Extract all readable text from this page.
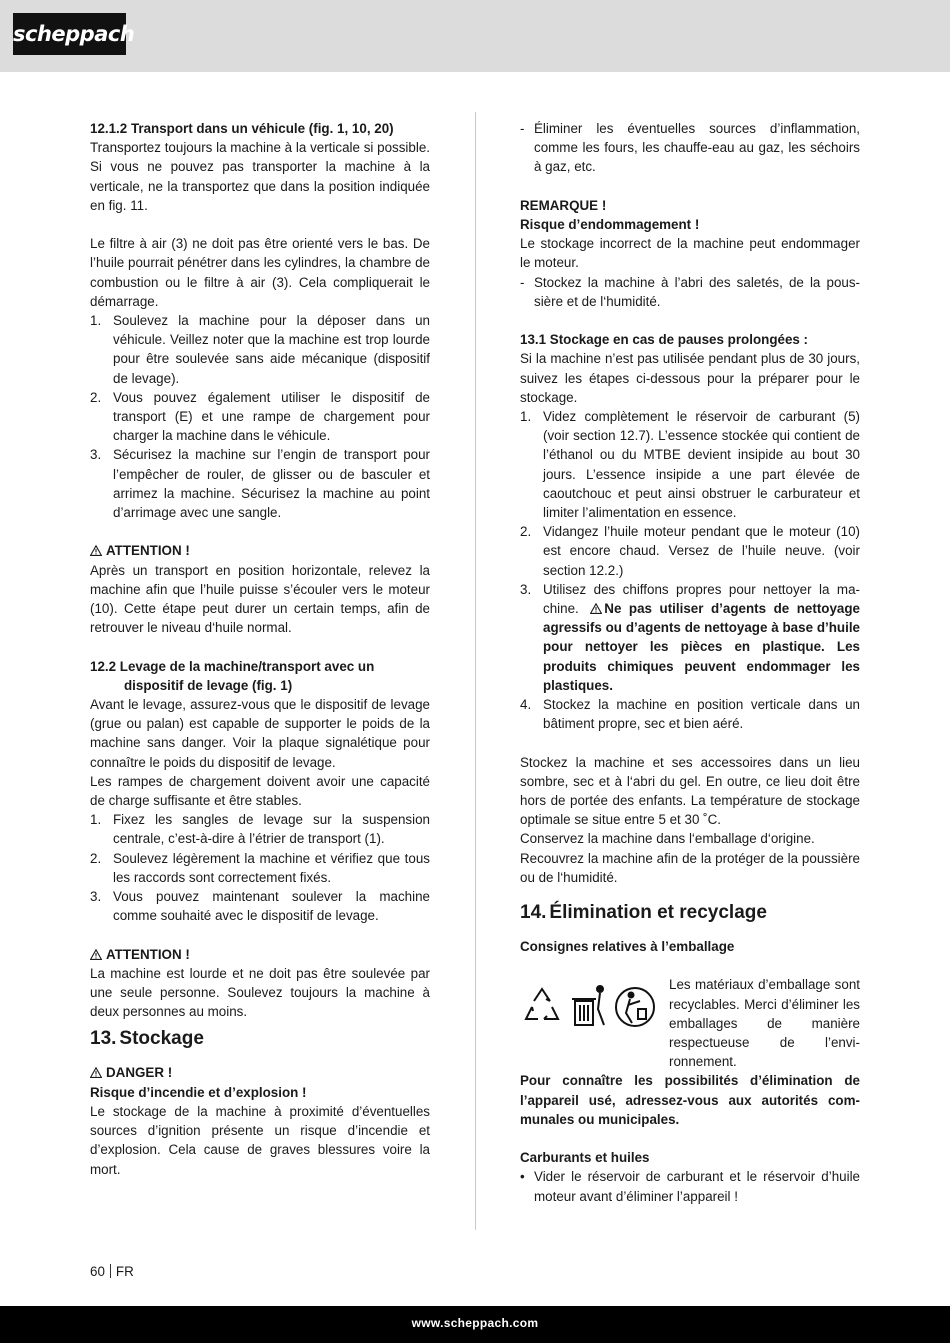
scheppach

12.1.2 Transport dans un véhicule (fig. 1, 10, 20)

Transportez toujours la machine à la verticale si possible. Si vous ne pouvez pas transporter la machine à la verticale, ne la transportez que dans la position indiquée en fig. 11.

Le filtre à air (3) ne doit pas être orienté vers le bas. De l’huile pourrait pénétrer dans les cylindres, la chambre de combustion ou le filtre à air (3). Cela compliquerait le démarrage.

1. Soulevez la machine pour la déposer dans un véhicule. Veillez noter que la machine est trop lourde pour être soulevée sans aide mécanique (dispositif de levage).
2. Vous pouvez également utiliser le dispositif de transport (E) et une rampe de chargement pour charger la machine dans le véhicule.
3. Sécurisez la machine sur l’engin de transport pour l’empêcher de rouler, de glisser ou de basculer et arrimez la machine. Sécurisez la machine au point d’arrimage avec une sangle.

ATTENTION !

Après un transport en position horizontale, relevez la machine afin que l’huile puisse s’écouler vers le moteur (10). Cette étape peut durer un certain temps, afin de retrouver le niveau d‘huile normal.

12.2 Levage de la machine/transport avec un

dispositif de levage (fig. 1)

Avant le levage, assurez-vous que le dispositif de levage (grue ou palan) est capable de supporter le poids de la machine sans danger. Voir la plaque signalétique pour connaître le poids du dispositif de levage.

Les rampes de chargement doivent avoir une capacité de charge suffisante et être stables.

1. Fixez les sangles de levage sur la suspension centrale, c’est-à-dire à l’étrier de transport (1).
2. Soulevez légèrement la machine et vérifiez que tous les raccords sont correctement fixés.
3. Vous pouvez maintenant soulever la machine comme souhaité avec le dispositif de levage.

ATTENTION !

La machine est lourde et ne doit pas être soulevée par une seule personne. Soulevez toujours la machine à deux personnes au moins.

13. Stockage

DANGER !

Risque d’incendie et d’explosion !

Le stockage de la machine à proximité d’éventuelles sources d’ignition présente un risque d’incendie et d’explosion. Cela cause de graves blessures voire la mort.

- Éliminer les éventuelles sources d’inflammation, comme les fours, les chauffe-eau au gaz, les séchoirs à gaz, etc.

REMARQUE !

Risque d’endommagement !

Le stockage incorrect de la machine peut endommager le moteur.

- Stockez la machine à l’abri des saletés, de la poussière et de l‘humidité.

13.1 Stockage en cas de pauses prolongées :

Si la machine n’est pas utilisée pendant plus de 30 jours, suivez les étapes ci-dessous pour la préparer pour le stockage.

1. Videz complètement le réservoir de carburant (5) (voir section 12.7). L’essence stockée qui contient de l’éthanol ou du MTBE devient insipide au bout 30 jours. L’essence insipide a une part élevée de caoutchouc et peut ainsi obstruer le carburateur et limiter l’alimentation en essence.
2. Vidangez l’huile moteur pendant que le moteur (10) est encore chaud. Versez de l’huile neuve. (voir section 12.2.)
3. Utilisez des chiffons propres pour nettoyer la machine. Ne pas utiliser d’agents de nettoyage agressifs ou d’agents de nettoyage à base d’huile pour nettoyer les pièces en plastique. Les produits chimiques peuvent endommager les plastiques.
4. Stockez la machine en position verticale dans un bâtiment propre, sec et bien aéré.

Stockez la machine et ses accessoires dans un lieu sombre, sec et à l‘abri du gel. En outre, ce lieu doit être hors de portée des enfants. La température de stockage optimale se situe entre 5 et 30 ˚C.

Conservez la machine dans l‘emballage d‘origine.

Recouvrez la machine afin de la protéger de la poussière ou de l‘humidité.

14. Élimination et recyclage

Consignes relatives à l’emballage

Les matériaux d’emballage sont recyclables. Merci d’éliminer les emballages de manière respectueuse de l’environnement.

Pour connaître les possibilités d’élimination de l’appareil usé, adressez-vous aux autorités communales ou municipales.

Carburants et huiles

• Vider le réservoir de carburant et le réservoir d’huile moteur avant d’éliminer l’appareil !
60 FR
www.scheppach.com
